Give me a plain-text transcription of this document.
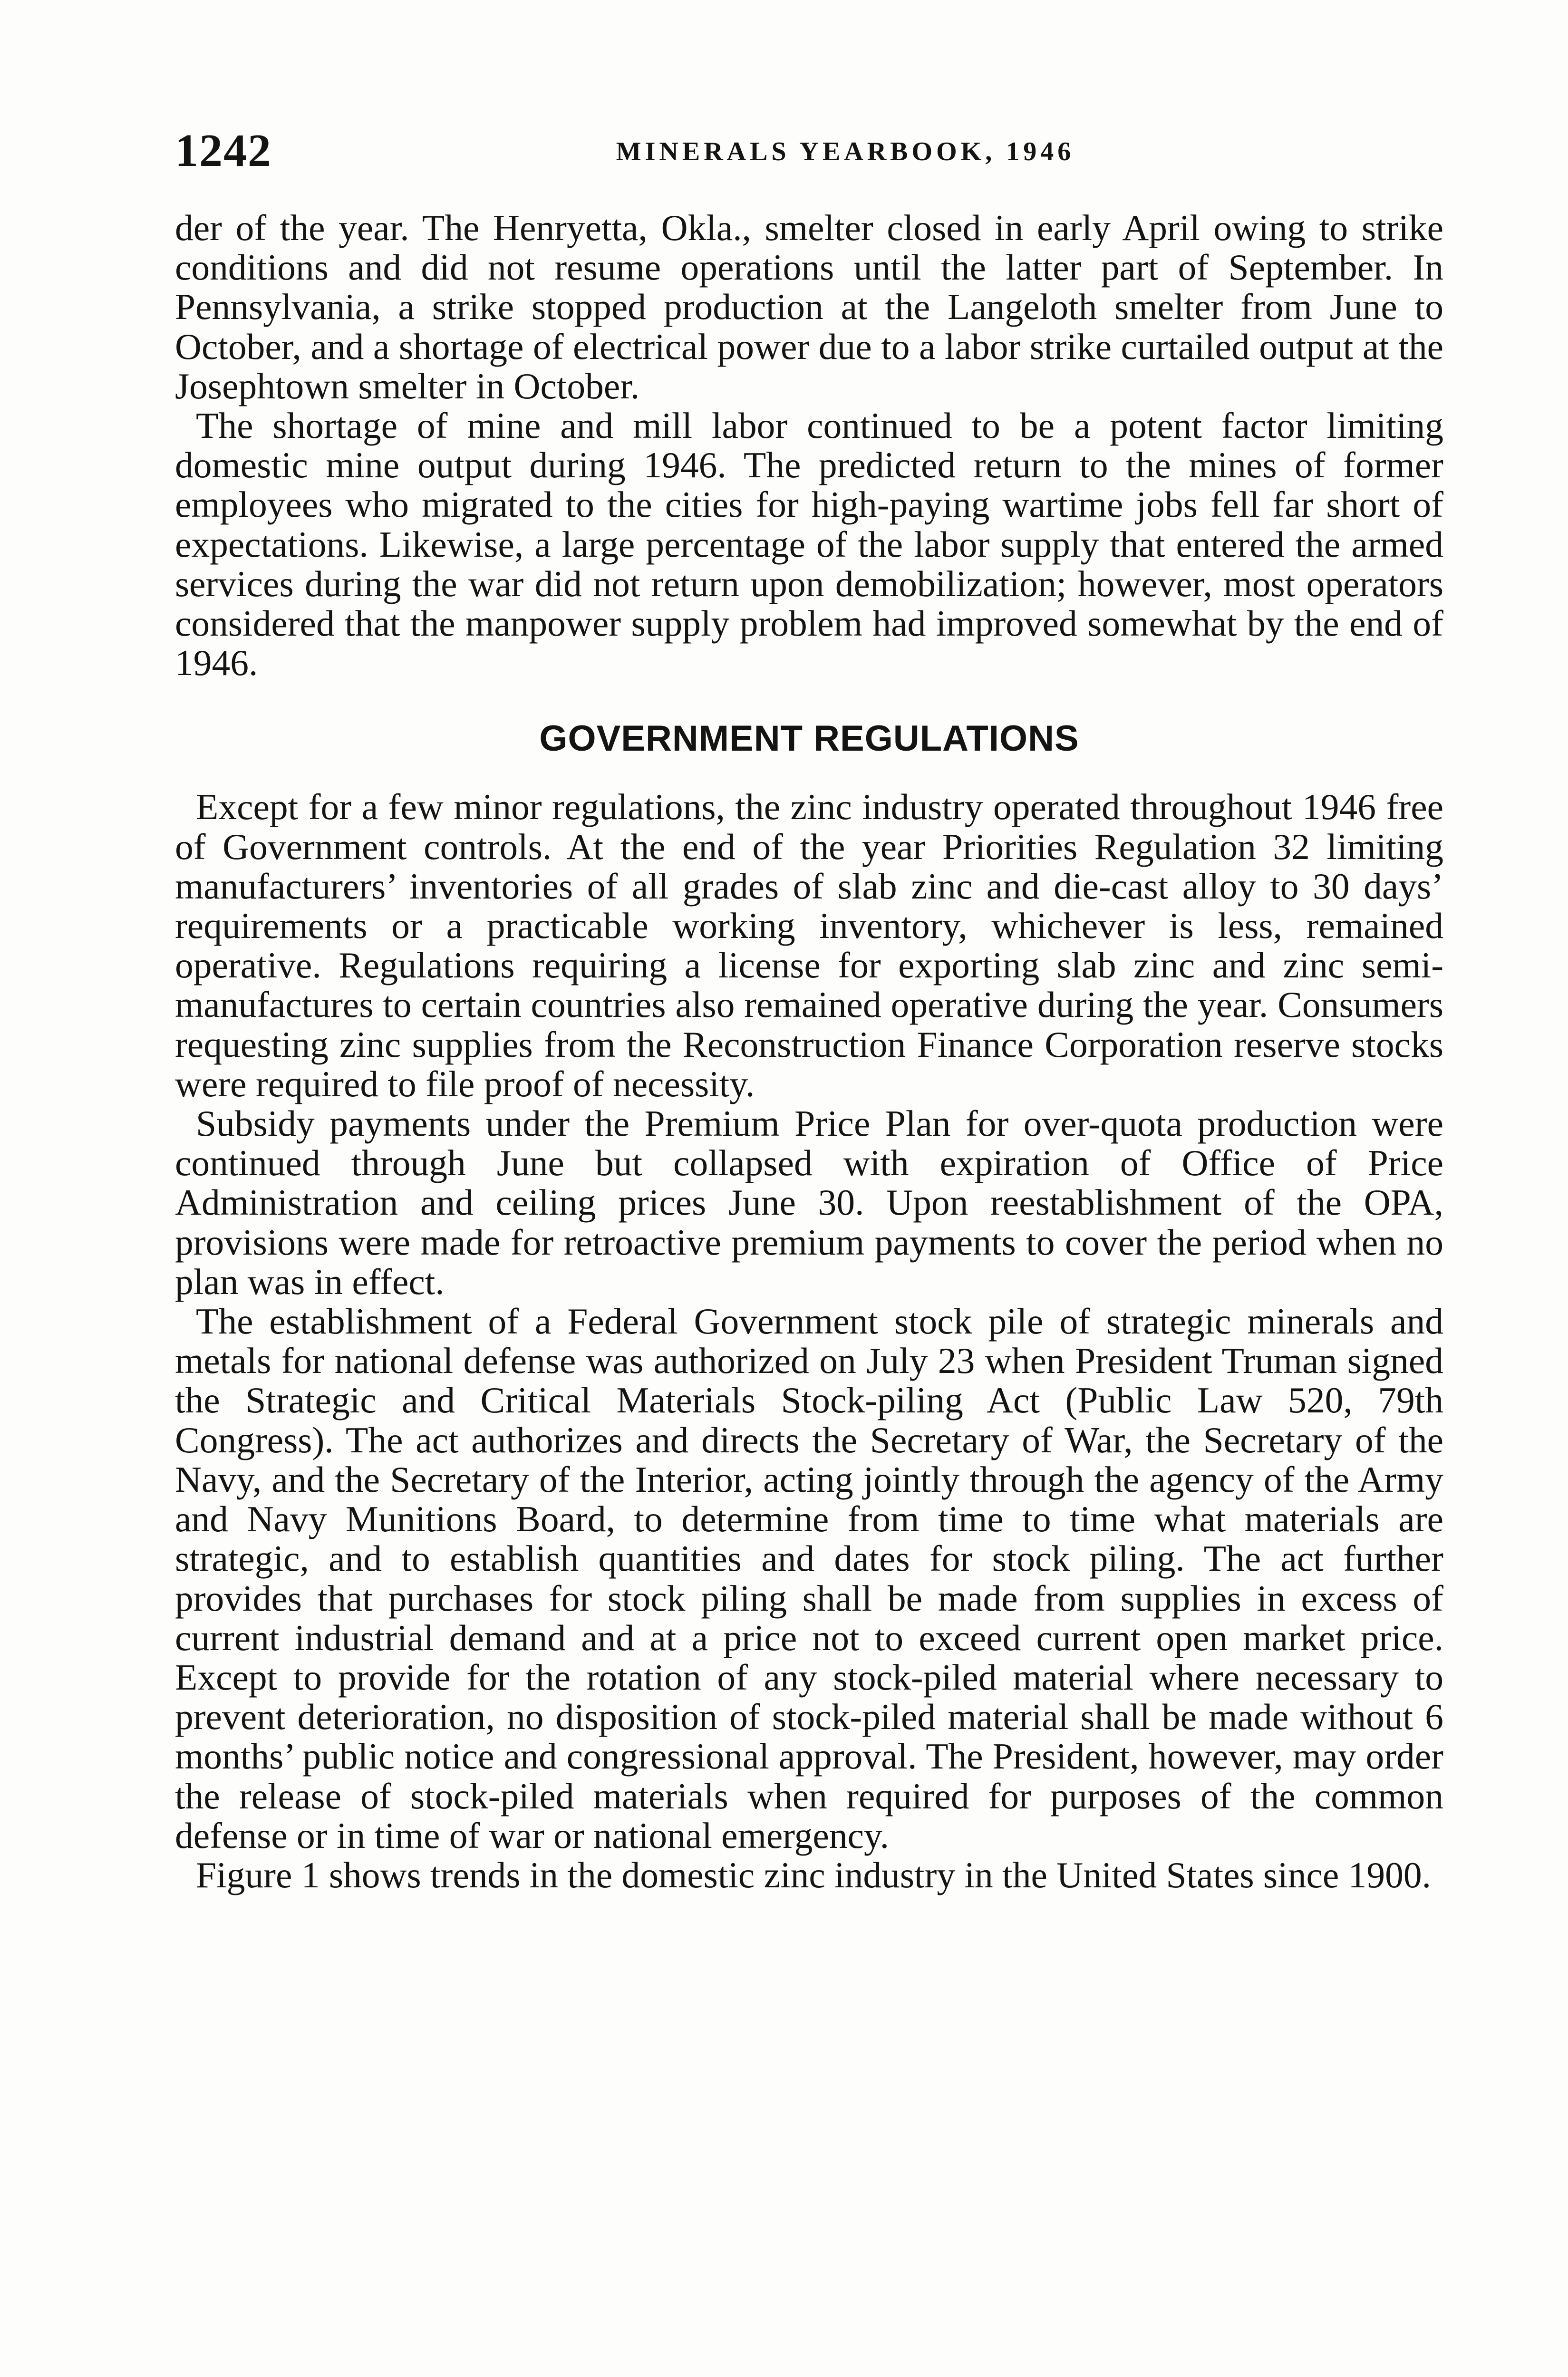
1242	MINERALS YEARBOOK, 1946

der of the year. The Henryetta, Okla., smelter closed in early April owing to strike conditions and did not resume operations until the latter part of September. In Pennsylvania, a strike stopped production at the Langeloth smelter from June to October, and a shortage of electrical power due to a labor strike curtailed output at the Josephtown smelter in October.

The shortage of mine and mill labor continued to be a potent factor limiting domestic mine output during 1946. The predicted return to the mines of former employees who migrated to the cities for high-paying wartime jobs fell far short of expectations. Likewise, a large percentage of the labor supply that entered the armed services during the war did not return upon demobilization; however, most operators considered that the manpower supply problem had improved somewhat by the end of 1946.

GOVERNMENT REGULATIONS

Except for a few minor regulations, the zinc industry operated throughout 1946 free of Government controls. At the end of the year Priorities Regulation 32 limiting manufacturers’ inventories of all grades of slab zinc and die-cast alloy to 30 days’ requirements or a practicable working inventory, whichever is less, remained operative. Regulations requiring a license for exporting slab zinc and zinc semimanufactures to certain countries also remained operative during the year. Consumers requesting zinc supplies from the Reconstruction Finance Corporation reserve stocks were required to file proof of necessity.

Subsidy payments under the Premium Price Plan for over-quota production were continued through June but collapsed with expiration of Office of Price Administration and ceiling prices June 30. Upon reestablishment of the OPA, provisions were made for retroactive premium payments to cover the period when no plan was in effect.

The establishment of a Federal Government stock pile of strategic minerals and metals for national defense was authorized on July 23 when President Truman signed the Strategic and Critical Materials Stock-piling Act (Public Law 520, 79th Congress). The act authorizes and directs the Secretary of War, the Secretary of the Navy, and the Secretary of the Interior, acting jointly through the agency of the Army and Navy Munitions Board, to determine from time to time what materials are strategic, and to establish quantities and dates for stock piling. The act further provides that purchases for stock piling shall be made from supplies in excess of current industrial demand and at a price not to exceed current open market price. Except to provide for the rotation of any stock-piled material where necessary to prevent deterioration, no disposition of stock-piled material shall be made without 6 months’ public notice and congressional approval. The President, however, may order the release of stock-piled materials when required for purposes of the common defense or in time of war or national emergency.

Figure 1 shows trends in the domestic zinc industry in the United States since 1900.
